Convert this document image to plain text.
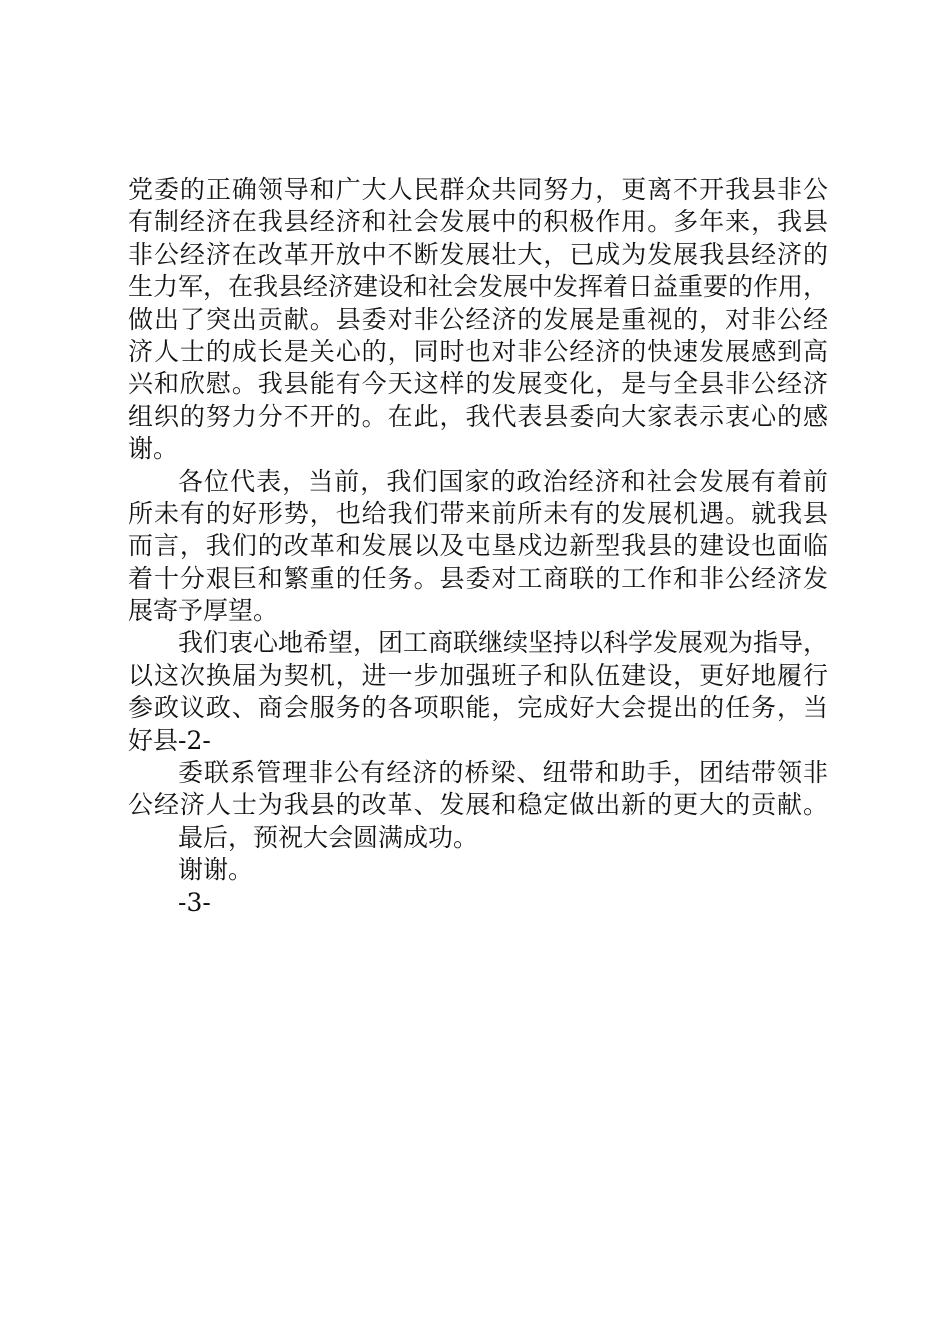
党委的正确领导和广大人民群众共同努力，更离不开我县非公
有制经济在我县经济和社会发展中的积极作用。多年来，我县
非公经济在改革开放中不断发展壮大，已成为发展我县经济的
生力军，在我县经济建设和社会发展中发挥着日益重要的作用，
做出了突出贡献。县委对非公经济的发展是重视的，对非公经
济人士的成长是关心的，同时也对非公经济的快速发展感到高
兴和欣慰。我县能有今天这样的发展变化，是与全县非公经济
组织的努力分不开的。在此，我代表县委向大家表示衷心的感
谢。
各位代表，当前，我们国家的政治经济和社会发展有着前
所未有的好形势，也给我们带来前所未有的发展机遇。就我县
而言，我们的改革和发展以及屯垦戍边新型我县的建设也面临
着十分艰巨和繁重的任务。县委对工商联的工作和非公经济发
展寄予厚望。
我们衷心地希望，团工商联继续坚持以科学发展观为指导，
以这次换届为契机，进一步加强班子和队伍建设，更好地履行
参政议政、商会服务的各项职能，完成好大会提出的任务，当
好县-2-
委联系管理非公有经济的桥梁、纽带和助手，团结带领非
公经济人士为我县的改革、发展和稳定做出新的更大的贡献。
最后，预祝大会圆满成功。
谢谢。
-3-
